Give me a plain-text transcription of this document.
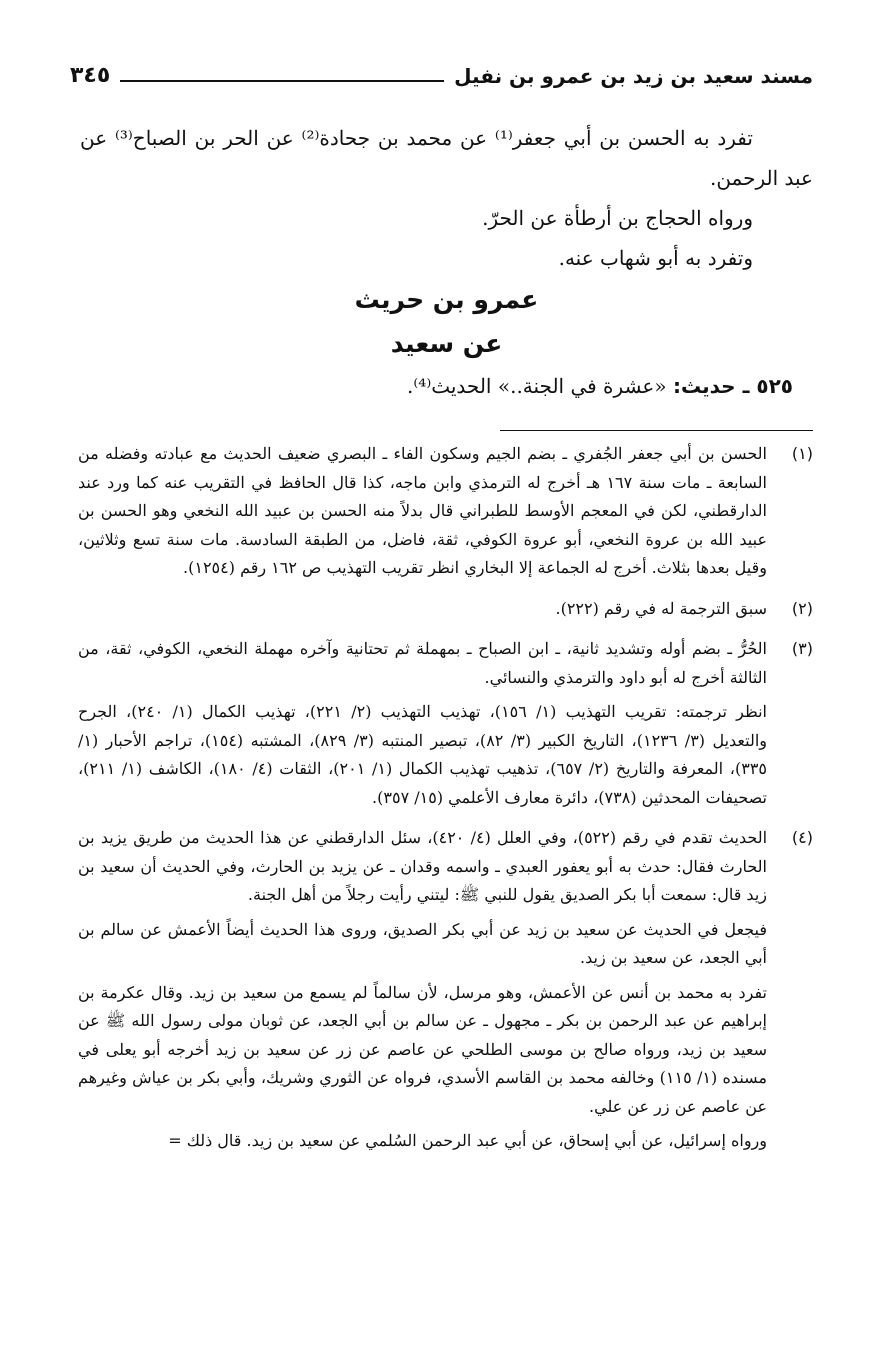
مسند سعيد بن زيد بن عمرو بن نفيل
٣٤٥

تفرد به الحسن بن أبي جعفر⁽¹⁾ عن محمد بن جحادة⁽²⁾ عن الحر بن الصباح⁽³⁾ عن عبد الرحمن.

ورواه الحجاج بن أرطأة عن الحرّ.

وتفرد به أبو شهاب عنه.

عمرو بن حريث
عن سعيد

٥٢٥ ـ حديث: «عشرة في الجنة..» الحديث⁽⁴⁾.

(١)

الحسن بن أبي جعفر الجُفري ـ بضم الجيم وسكون الفاء ـ البصري ضعيف الحديث مع عبادته وفضله من السابعة ـ مات سنة ١٦٧ هـ أخرج له الترمذي وابن ماجه، كذا قال الحافظ في التقريب عنه كما ورد عند الدارقطني، لكن في المعجم الأوسط للطبراني قال بدلاً منه الحسن بن عبيد الله النخعي وهو الحسن بن عبيد الله بن عروة النخعي، أبو عروة الكوفي، ثقة، فاضل، من الطبقة السادسة. مات سنة تسع وثلاثين، وقيل بعدها بثلاث. أخرج له الجماعة إلا البخاري انظر تقريب التهذيب ص ١٦٢ رقم (١٢٥٤).

(٢)

سبق الترجمة له في رقم (٢٢٢).

(٣)

الحُرُّ ـ بضم أوله وتشديد ثانية، ـ ابن الصباح ـ بمهملة ثم تحتانية وآخره مهملة النخعي، الكوفي، ثقة، من الثالثة أخرج له أبو داود والترمذي والنسائي.

انظر ترجمته: تقريب التهذيب (١/ ١٥٦)، تهذيب التهذيب (٢/ ٢٢١)، تهذيب الكمال (١/ ٢٤٠)، الجرح والتعديل (٣/ ١٢٣٦)، التاريخ الكبير (٣/ ٨٢)، تبصير المنتبه (٣/ ٨٢٩)، المشتبه (١٥٤)، تراجم الأحبار (١/ ٣٣٥)، المعرفة والتاريخ (٢/ ٦٥٧)، تذهيب تهذيب الكمال (١/ ٢٠١)، الثقات (٤/ ١٨٠)، الكاشف (١/ ٢١١)، تصحيفات المحدثين (٧٣٨)، دائرة معارف الأعلمي (١٥/ ٣٥٧).

(٤)

الحديث تقدم في رقم (٥٢٢)، وفي العلل (٤/ ٤٢٠)، سئل الدارقطني عن هذا الحديث من طريق يزيد بن الحارث فقال: حدث به أبو يعفور العبدي ـ واسمه وقدان ـ عن يزيد بن الحارث، وفي الحديث أن سعيد بن زيد قال: سمعت أبا بكر الصديق يقول للنبي ﷺ: ليتني رأيت رجلاً من أهل الجنة.

فيجعل في الحديث عن سعيد بن زيد عن أبي بكر الصديق، وروى هذا الحديث أيضاً الأعمش عن سالم بن أبي الجعد، عن سعيد بن زيد.

تفرد به محمد بن أنس عن الأعمش، وهو مرسل، لأن سالماً لم يسمع من سعيد بن زيد. وقال عكرمة بن إبراهيم عن عبد الرحمن بن بكر ـ مجهول ـ عن سالم بن أبي الجعد، عن ثوبان مولى رسول الله ﷺ عن سعيد بن زيد، ورواه صالح بن موسى الطلحي عن عاصم عن زر عن سعيد بن زيد أخرجه أبو يعلى في مسنده (١/ ١١٥) وخالفه محمد بن القاسم الأسدي، فرواه عن الثوري وشريك، وأبي بكر بن عياش وغيرهم عن عاصم عن زر عن علي.

ورواه إسرائيل، عن أبي إسحاق، عن أبي عبد الرحمن السُلمي عن سعيد بن زيد. قال ذلك =
